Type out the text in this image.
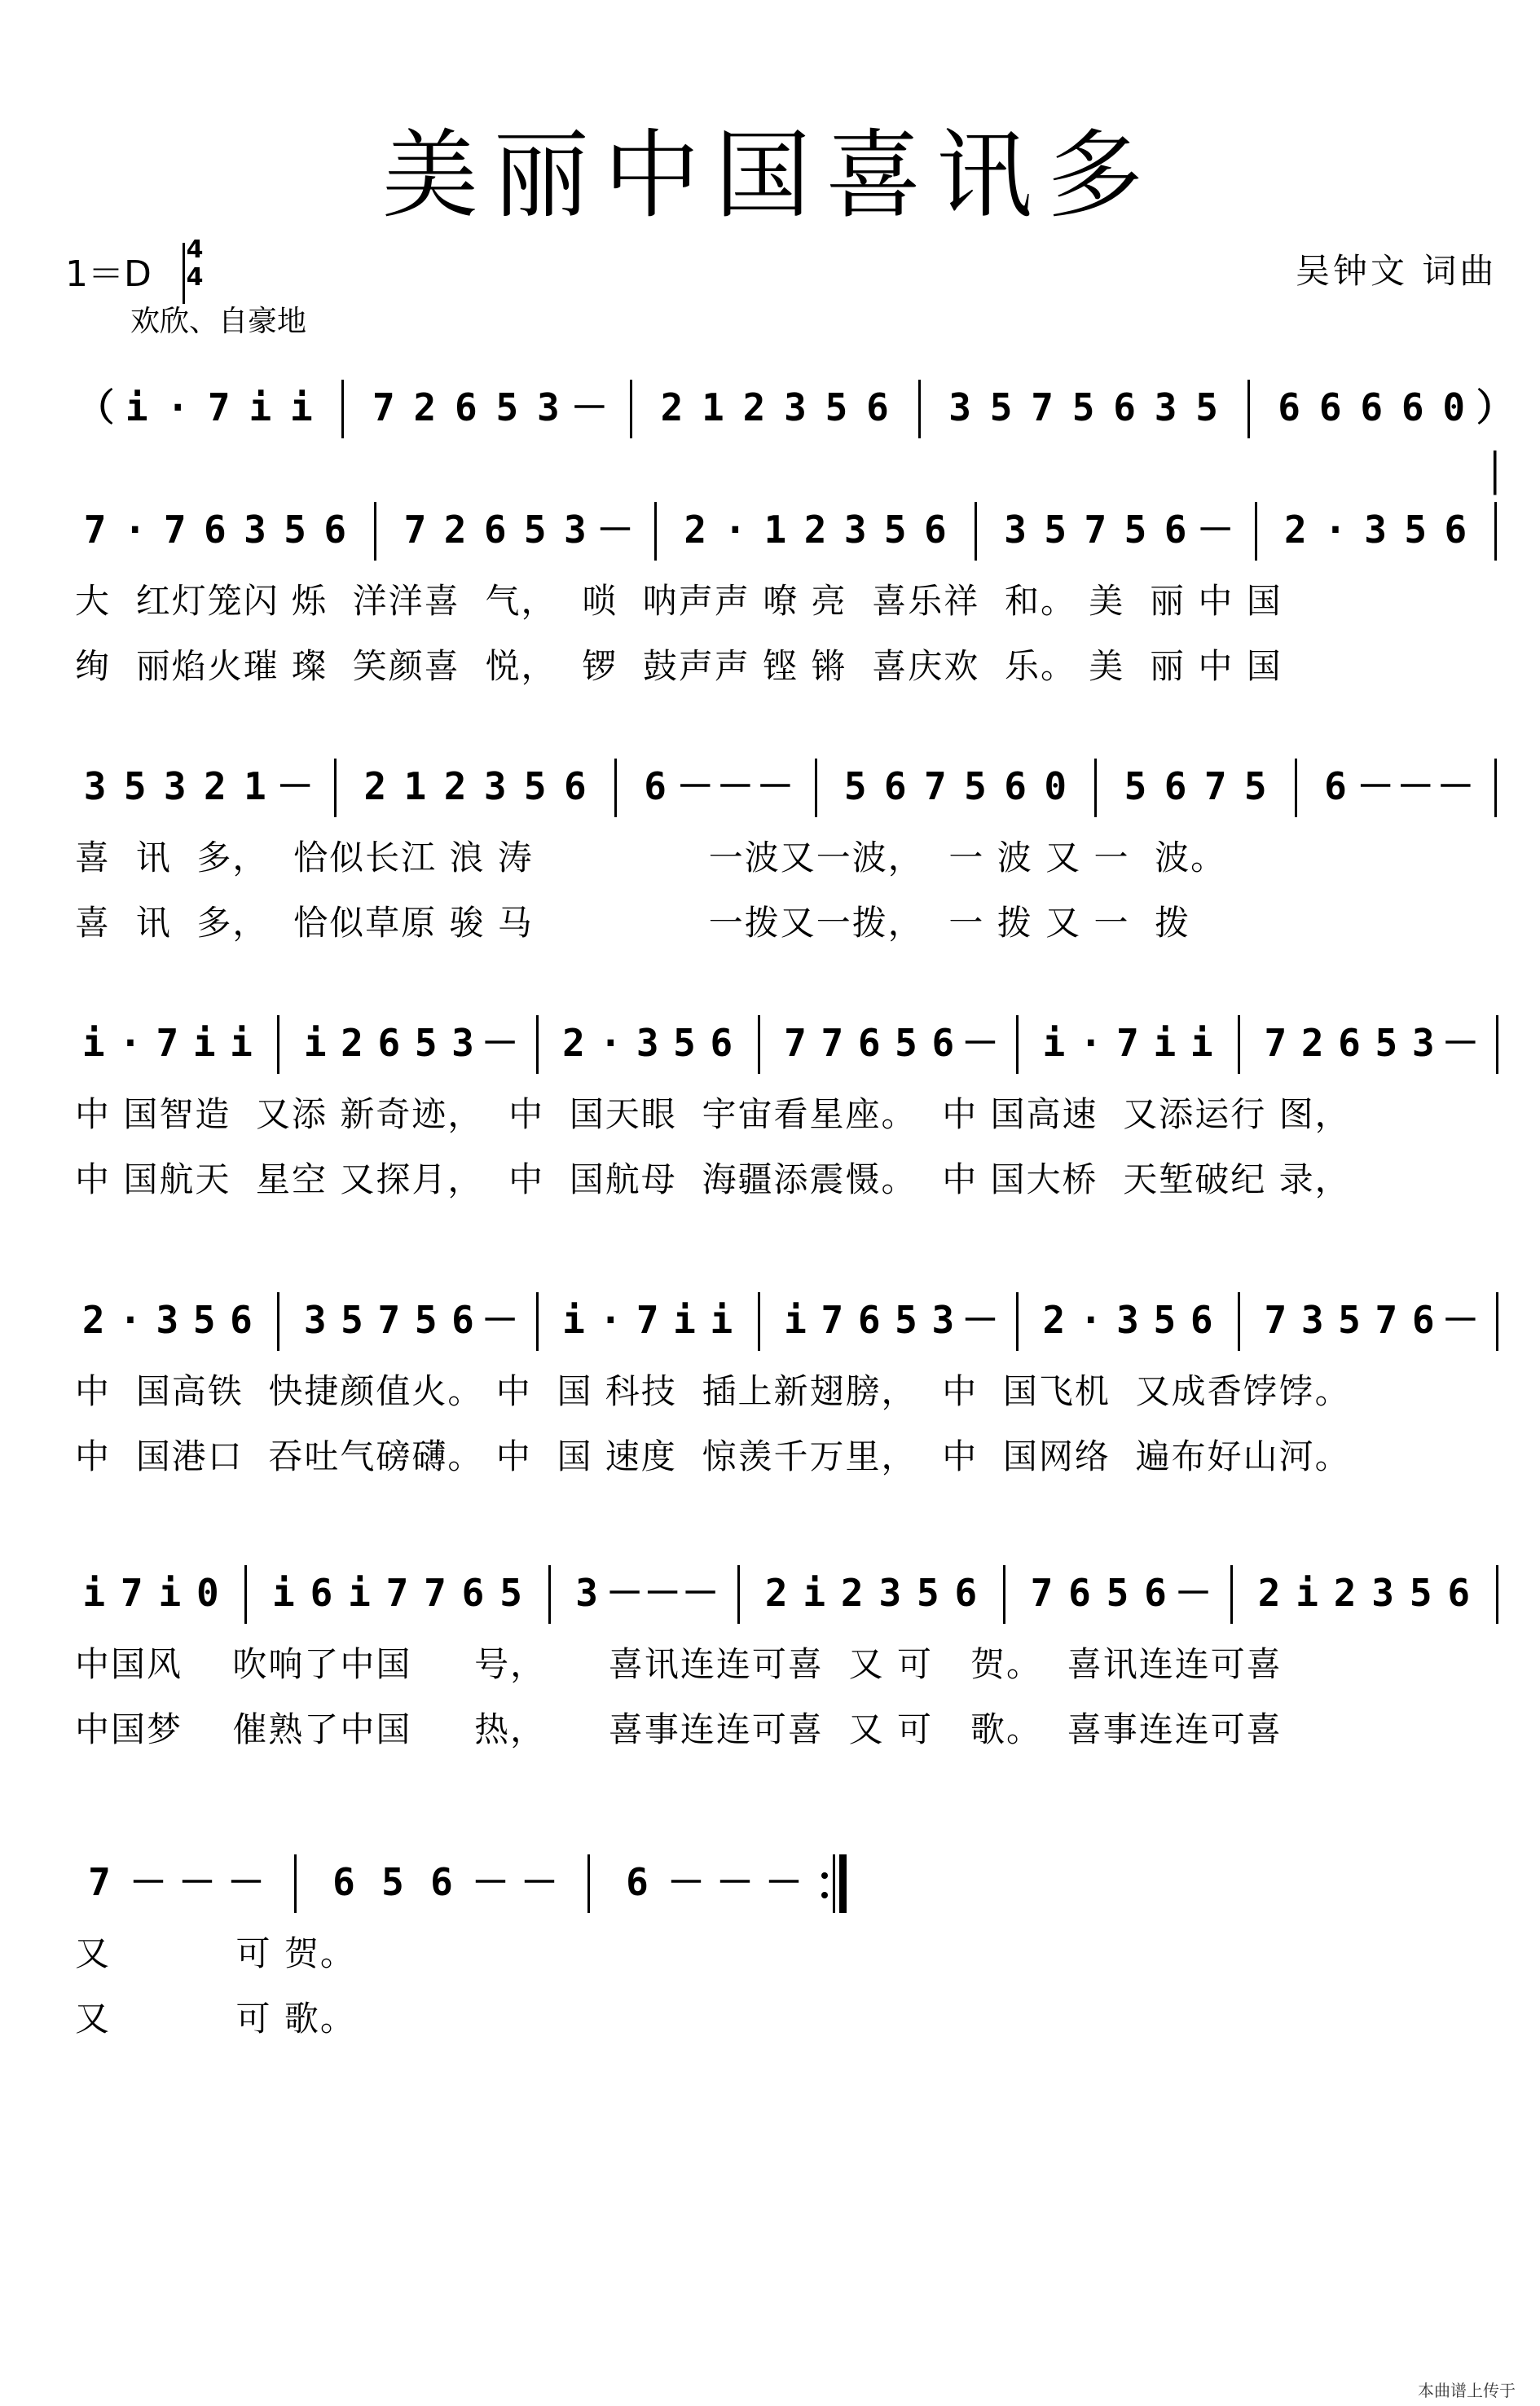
美丽中国喜讯多
1＝D
4
4
欢欣、自豪地
吴钟文 词曲
（ i · 7 i i 7 2 6 5 3 － 2 1 2 3 5 6 3 5 7 5 6 3 5 6 6 6 6 0 ）│
7 · 7 6 3 5 6 7 2 6 5 3 － 2 · 1 2 3 5 6 3 5 7 5 6 － 2 · 3 5 6
大  红灯笼闪 烁  洋洋喜  气，  唢  呐声声 嘹 亮  喜乐祥  和。 美  丽 中 国
绚  丽焰火璀 璨  笑颜喜  悦，  锣  鼓声声 铿 锵  喜庆欢  乐。 美  丽 中 国
3 5 3 2 1 － 2 1 2 3 5 6 6 － － － 5 6 7 5 6 0 5 6 7 5 6 － － －
喜  讯  多，  恰似长江 浪 涛              一波又一波，  一 波 又 一  波。
喜  讯  多，  恰似草原 骏 马              一拨又一拨，  一 拨 又 一  拨
i · 7 i i i 2 6 5 3 － 2 · 3 5 6 7 7 6 5 6 － i · 7 i i 7 2 6 5 3 －
中 国智造  又添 新奇迹，  中  国天眼  宇宙看星座。  中 国高速  又添运行 图，
中 国航天  星空 又探月，  中  国航母  海疆添震慑。  中 国大桥  天堑破纪 录，
2 · 3 5 6 3 5 7 5 6 － i · 7 i i i 7 6 5 3 － 2 · 3 5 6 7 3 5 7 6 －
中  国高铁  快捷颜值火。 中  国 科技  插上新翅膀，  中  国飞机  又成香饽饽。
中  国港口  吞吐气磅礴。 中  国 速度  惊羡千万里，  中  国网络  遍布好山河。
i 7 i 0 i 6 i 7 7 6 5 3 － － － 2 i 2 3 5 6 7 6 5 6 － 2 i 2 3 5 6
中国风    吹响了中国     号，     喜讯连连可喜  又 可   贺。  喜讯连连可喜
中国梦    催熟了中国     热，     喜事连连可喜  又 可   歌。  喜事连连可喜
7 － － －	6 5 6 － －	6 － － －
又          可 贺。
又          可 歌。
本曲谱上传于
